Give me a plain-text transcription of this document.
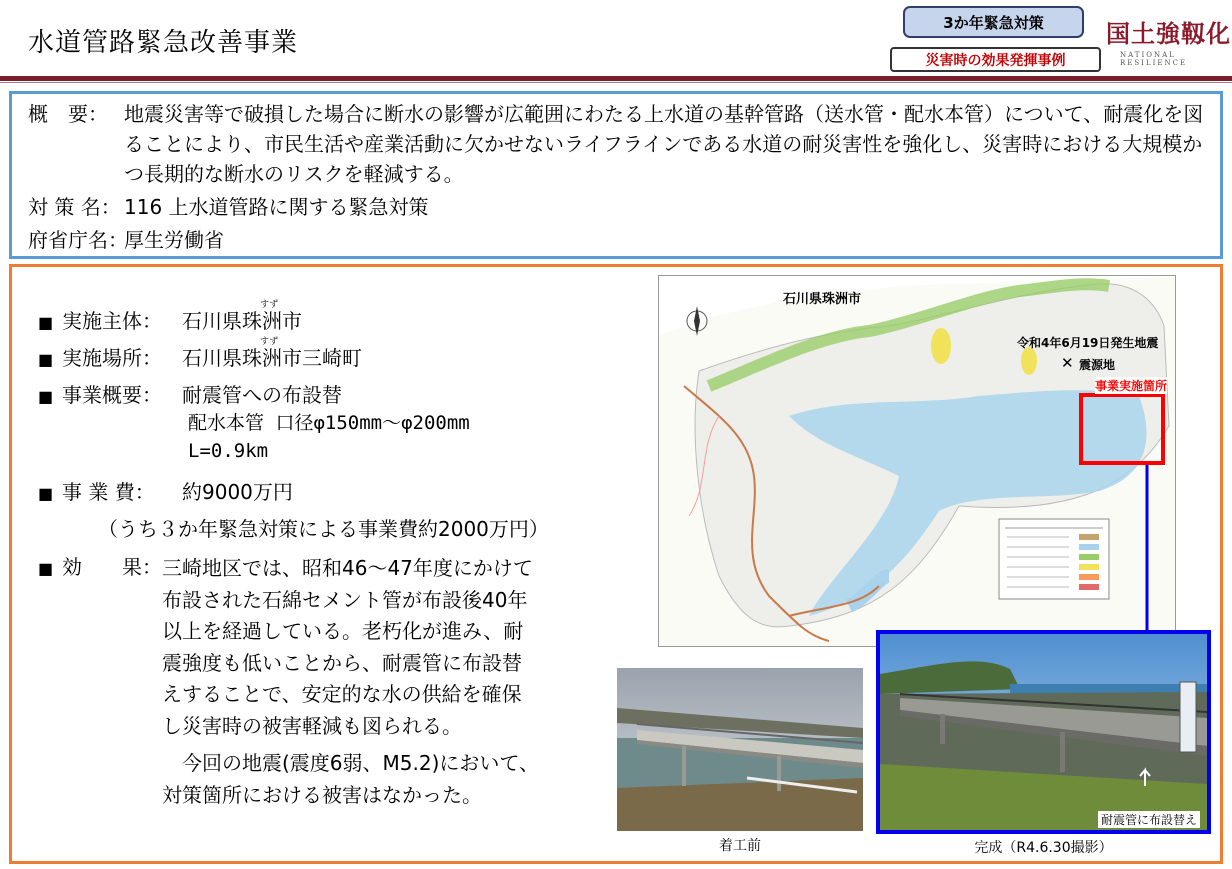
水道管路緊急改善事業
3か年緊急対策
災害時の効果発揮事例
国土強靱化
NATIONAL RESILIENCE
概　要： 地震災害等で破損した場合に断水の影響が広範囲にわたる上水道の基幹管路（送水管・配水本管）について、耐震化を図ることにより、市民生活や産業活動に欠かせないライフラインである水道の耐災害性を強化し、災害時における大規模かつ長期的な断水のリスクを軽減する。
対 策 名： 116 上水道管路に関する緊急対策
府省庁名：
厚生労働省

■

実施主体：

石川県珠洲市

すず

■

実施場所：

石川県珠洲市三崎町

すず

■

事業概要：

耐震管への布設替

配水本管 口径φ150mm～φ200mm

L=0.9km

■

事 業 費：

約9000万円

（うち３か年緊急対策による事業費約2000万円）

■

効　　果：

三崎地区では、昭和46～47年度にかけて
布設された石綿セメント管が布設後40年
以上を経過している。老朽化が進み、耐
震強度も低いことから、耐震管に布設替
えすることで、安定的な水の供給を確保
し災害時の被害軽減も図られる。
　今回の地震(震度6弱、M5.2)において、
対策箇所における被害はなかった。
石川県珠洲市
令和4年6月19日発生地震
✕ 震源地
事業実施箇所
着工前
耐震管に布設替え
完成（R4.6.30撮影）
